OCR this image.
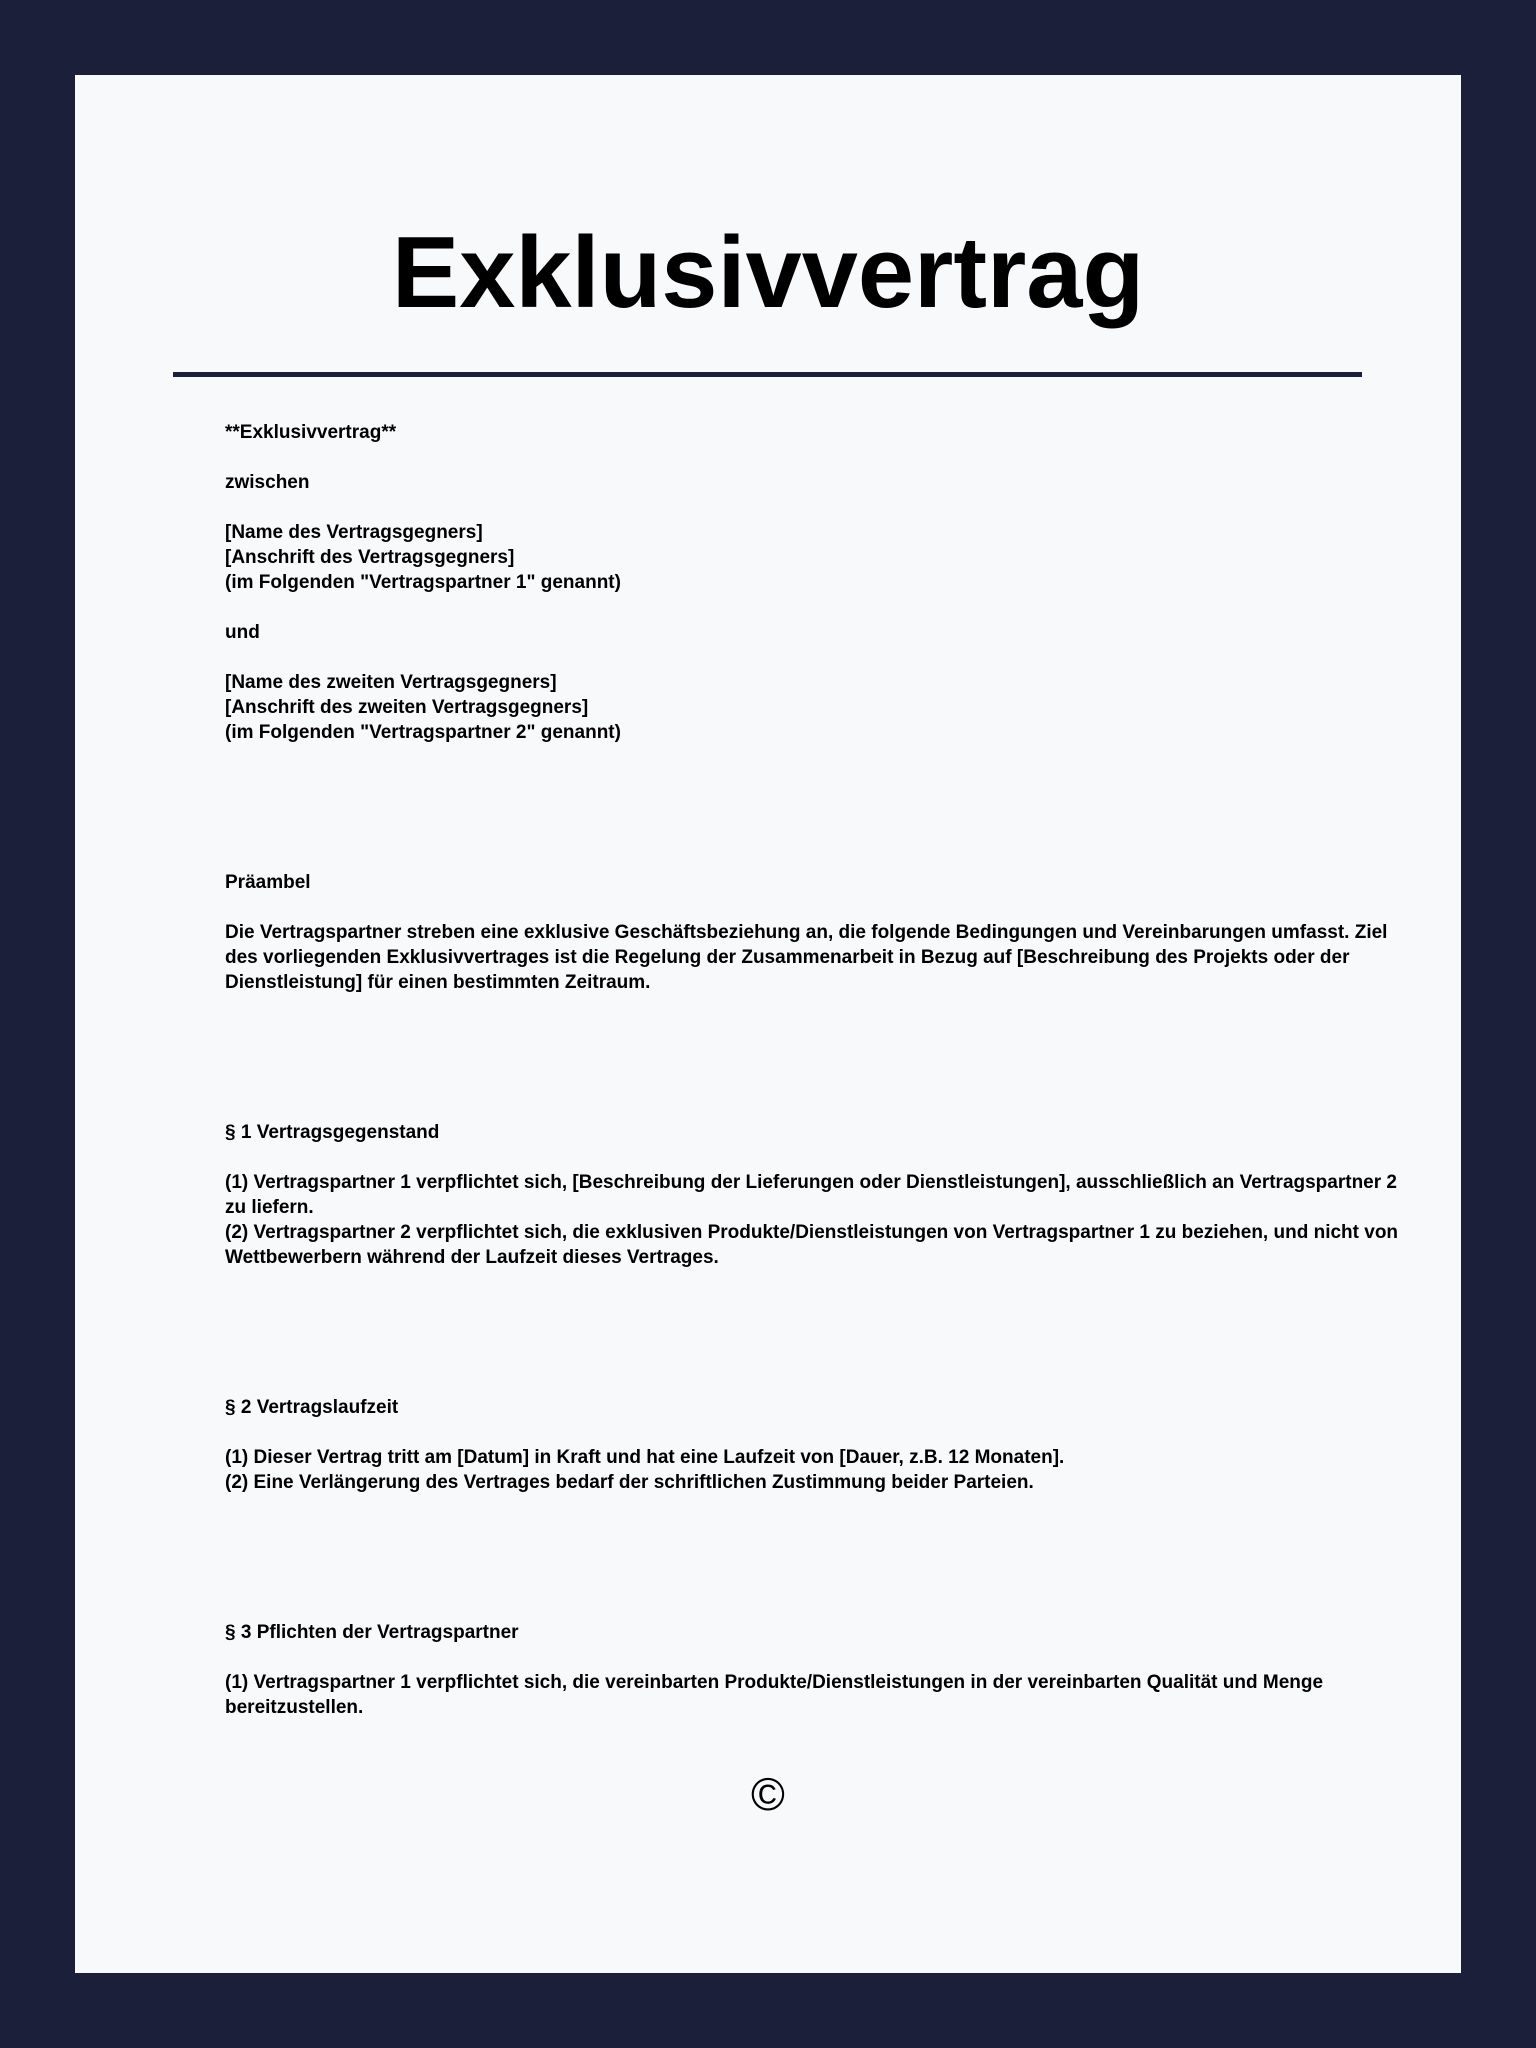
Exklusivvertrag

**Exklusivvertrag**

zwischen

[Name des Vertragsgegners]

[Anschrift des Vertragsgegners]

(im Folgenden "Vertragspartner 1" genannt)

und

[Name des zweiten Vertragsgegners]

[Anschrift des zweiten Vertragsgegners]

(im Folgenden "Vertragspartner 2" genannt)

Präambel

Die Vertragspartner streben eine exklusive Geschäftsbeziehung an, die folgende Bedingungen und Vereinbarungen umfasst. Ziel des vorliegenden Exklusivvertrages ist die Regelung der Zusammenarbeit in Bezug auf [Beschreibung des Projekts oder der Dienstleistung] für einen bestimmten Zeitraum.

§ 1 Vertragsgegenstand

(1) Vertragspartner 1 verpflichtet sich, [Beschreibung der Lieferungen oder Dienstleistungen], ausschließlich an Vertragspartner 2 zu liefern.

(2) Vertragspartner 2 verpflichtet sich, die exklusiven Produkte/Dienstleistungen von Vertragspartner 1 zu beziehen, und nicht von Wettbewerbern während der Laufzeit dieses Vertrages.

§ 2 Vertragslaufzeit

(1) Dieser Vertrag tritt am [Datum] in Kraft und hat eine Laufzeit von [Dauer, z.B. 12 Monaten].

(2) Eine Verlängerung des Vertrages bedarf der schriftlichen Zustimmung beider Parteien.

§ 3 Pflichten der Vertragspartner

(1) Vertragspartner 1 verpflichtet sich, die vereinbarten Produkte/Dienstleistungen in der vereinbarten Qualität und Menge bereitzustellen.

©
